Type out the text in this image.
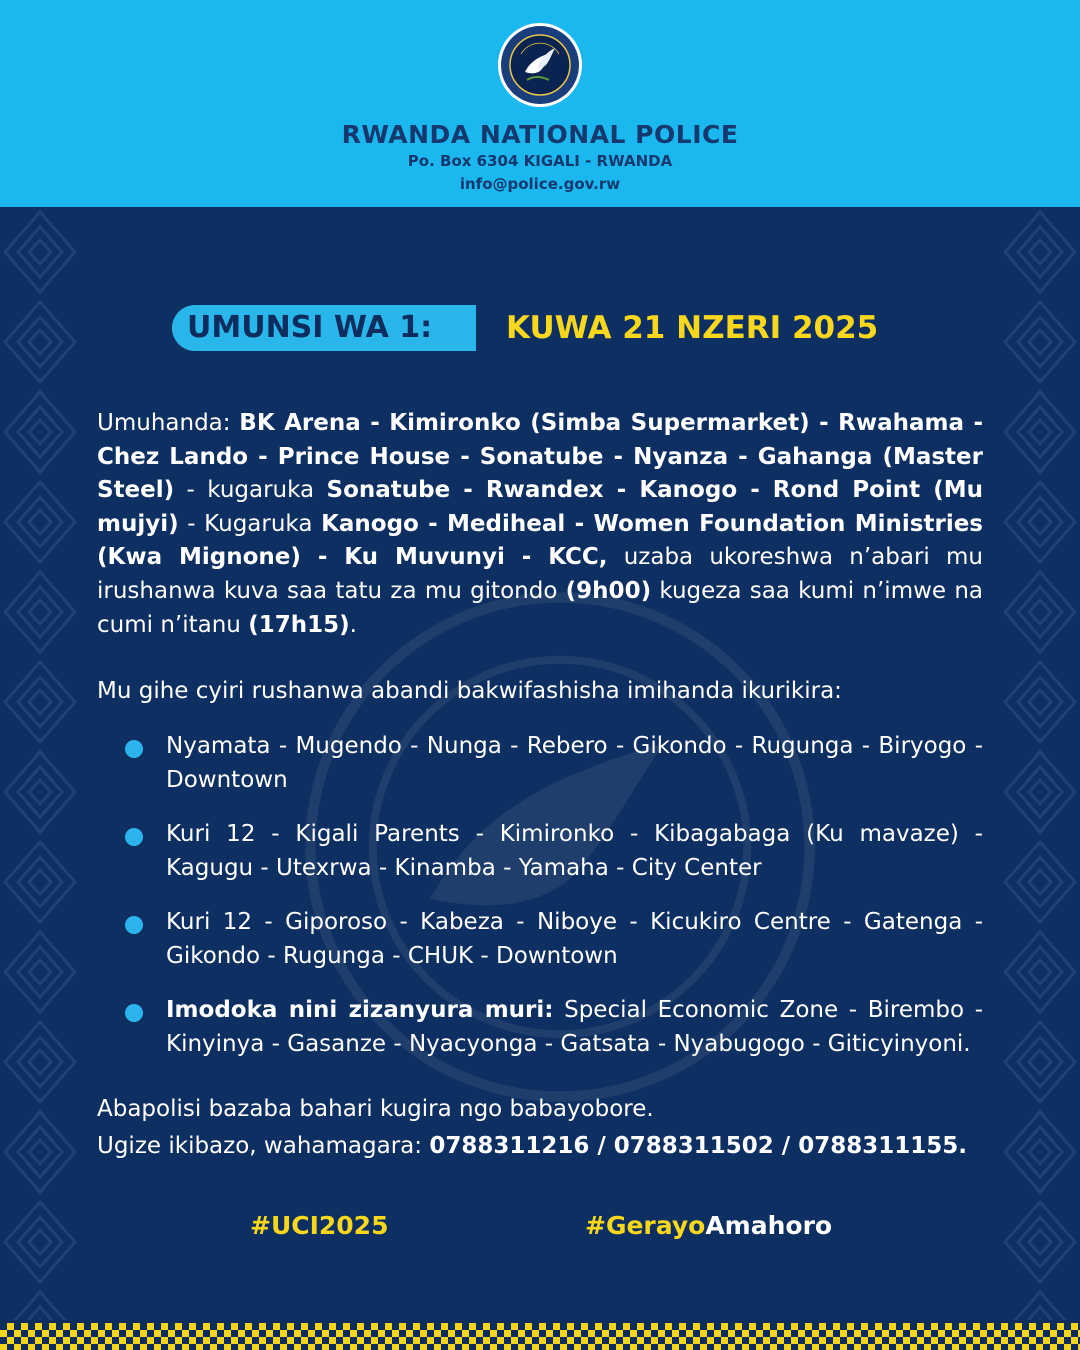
RWANDA NATIONAL POLICE
Po. Box 6304 KIGALI - RWANDA
info@police.gov.rw
UMUNSI WA 1:	KUWA 21 NZERI 2025

Umuhanda: BK Arena - Kimironko (Simba Supermarket) - Rwahama - Chez Lando - Prince House - Sonatube - Nyanza - Gahanga (Master Steel) - kugaruka Sonatube - Rwandex - Kanogo - Rond Point (Mu mujyi) - Kugaruka Kanogo - Mediheal - Women Foundation Ministries (Kwa Mignone) - Ku Muvunyi - KCC, uzaba ukoreshwa n’abari mu irushanwa kuva saa tatu za mu gitondo (9h00) kugeza saa kumi n’imwe na cumi n’itanu (17h15).

Mu gihe cyiri rushanwa abandi bakwifashisha imihanda ikurikira:

Nyamata - Mugendo - Nunga - Rebero - Gikondo - Rugunga - Biryogo - Downtown
Kuri 12 - Kigali Parents - Kimironko - Kibagabaga (Ku mavaze) - Kagugu - Utexrwa - Kinamba - Yamaha - City Center
Kuri 12 - Giporoso - Kabeza - Niboye - Kicukiro Centre - Gatenga - Gikondo - Rugunga - CHUK - Downtown
Imodoka nini zizanyura muri: Special Economic Zone - Birembo - Kinyinya - Gasanze - Nyacyonga - Gatsata - Nyabugogo - Giticyinyoni.
Abapolisi bazaba bahari kugira ngo babayobore.
Ugize ikibazo, wahamagara: 0788311216 / 0788311502 / 0788311155.
#UCI2025	#GerayoAmahoro
